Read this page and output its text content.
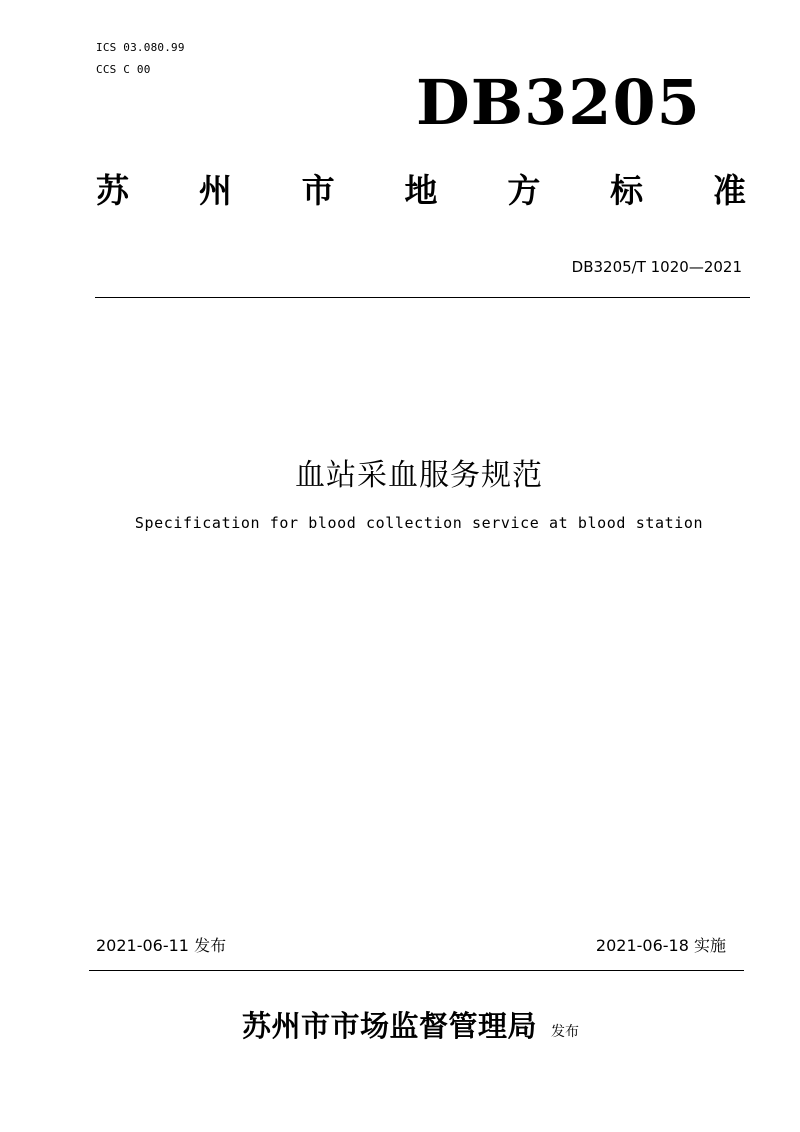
ICS 03.080.99
CCS C 00	DB3205
苏 州 市 地 方 标 准
DB3205/T 1020—2021
血站采血服务规范
Specification for blood collection service at blood station
2021-06-11 发布	2021-06-18 实施
苏州市市场监督管理局 发布
